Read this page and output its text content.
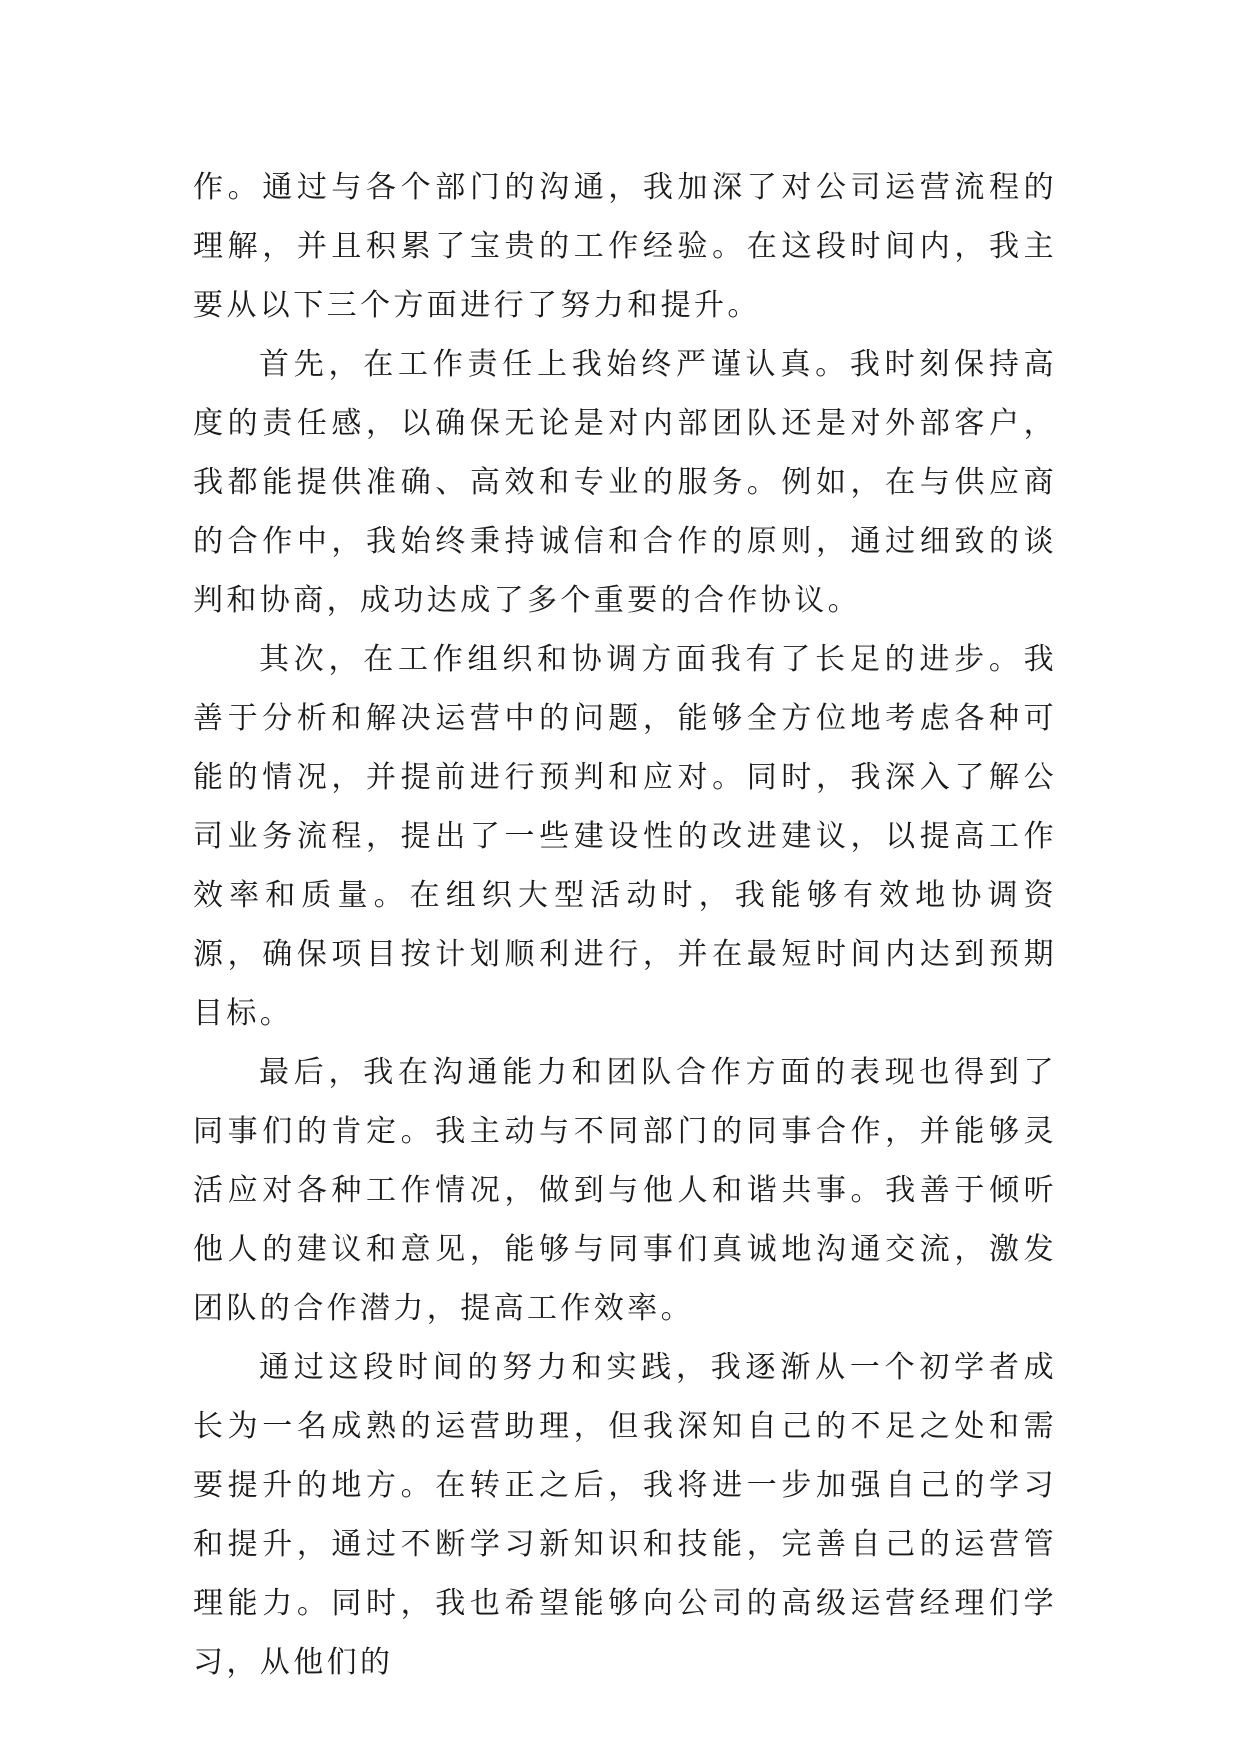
作。通过与各个部门的沟通，我加深了对公司运营流程的理解，并且积累了宝贵的工作经验。在这段时间内，我主要从以下三个方面进行了努力和提升。

首先，在工作责任上我始终严谨认真。我时刻保持高度的责任感，以确保无论是对内部团队还是对外部客户，我都能提供准确、高效和专业的服务。例如，在与供应商的合作中，我始终秉持诚信和合作的原则，通过细致的谈判和协商，成功达成了多个重要的合作协议。

其次，在工作组织和协调方面我有了长足的进步。我善于分析和解决运营中的问题，能够全方位地考虑各种可能的情况，并提前进行预判和应对。同时，我深入了解公司业务流程，提出了一些建设性的改进建议，以提高工作效率和质量。在组织大型活动时，我能够有效地协调资源，确保项目按计划顺利进行，并在最短时间内达到预期目标。

最后，我在沟通能力和团队合作方面的表现也得到了同事们的肯定。我主动与不同部门的同事合作，并能够灵活应对各种工作情况，做到与他人和谐共事。我善于倾听他人的建议和意见，能够与同事们真诚地沟通交流，激发团队的合作潜力，提高工作效率。

通过这段时间的努力和实践，我逐渐从一个初学者成长为一名成熟的运营助理，但我深知自己的不足之处和需要提升的地方。在转正之后，我将进一步加强自己的学习和提升，通过不断学习新知识和技能，完善自己的运营管理能力。同时，我也希望能够向公司的高级运营经理们学习，从他们的
